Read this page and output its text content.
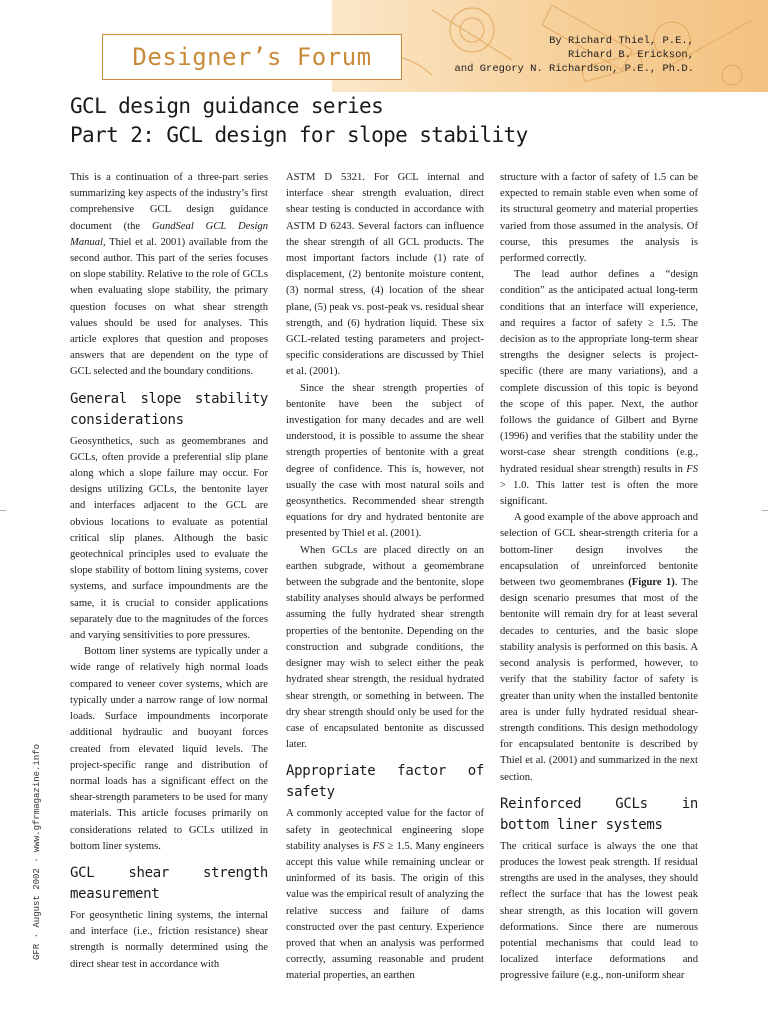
Designer’s Forum
By Richard Thiel, P.E.,
Richard B. Erickson,
and Gregory N. Richardson, P.E., Ph.D.
GCL design guidance series
Part 2: GCL design for slope stability

This is a continuation of a three-part series summarizing key aspects of the industry’s first comprehensive GCL design guidance document (the GundSeal GCL Design Manual, Thiel et al. 2001) available from the second author. This part of the series focuses on slope stability. Relative to the role of GCLs when evaluating slope stability, the primary question focuses on what shear strength values should be used for analyses. This article explores that question and proposes answers that are dependent on the type of GCL selected and the boundary conditions.

General slope stability considerations

Geosynthetics, such as geomembranes and GCLs, often provide a preferential slip plane along which a slope failure may occur. For designs utilizing GCLs, the bentonite layer and interfaces adjacent to the GCL are obvious locations to evaluate as potential critical slip planes. Although the basic geotechnical principles used to evaluate the slope stability of bottom lining systems, cover systems, and surface impoundments are the same, it is crucial to consider applications separately due to the magnitudes of the forces and varying sensitivities to pore pressures.

Bottom liner systems are typically under a wide range of relatively high normal loads compared to veneer cover systems, which are typically under a narrow range of low normal loads. Surface impoundments incorporate additional hydraulic and buoyant forces created from elevated liquid levels. The project-specific range and distribution of normal loads has a significant effect on the shear-strength parameters to be used for many materials. This article focuses primarily on considerations related to GCLs utilized in bottom liner systems.

GCL shear strength measurement

For geosynthetic lining systems, the internal and interface (i.e., friction resistance) shear strength is normally determined using the direct shear test in accordance with

ASTM D 5321. For GCL internal and interface shear strength evaluation, direct shear testing is conducted in accordance with ASTM D 6243. Several factors can influence the shear strength of all GCL products. The most important factors include (1) rate of displacement, (2) bentonite moisture content, (3) normal stress, (4) location of the shear plane, (5) peak vs. post-peak vs. residual shear strength, and (6) hydration liquid. These six GCL-related testing parameters and project-specific considerations are discussed by Thiel et al. (2001).

Since the shear strength properties of bentonite have been the subject of investigation for many decades and are well understood, it is possible to assume the shear strength properties of bentonite with a great degree of confidence. This is, however, not usually the case with most natural soils and geosynthetics. Recommended shear strength equations for dry and hydrated bentonite are presented by Thiel et al. (2001).

When GCLs are placed directly on an earthen subgrade, without a geomembrane between the subgrade and the bentonite, slope stability analyses should always be performed assuming the fully hydrated shear strength properties of the bentonite. Depending on the construction and subgrade conditions, the designer may wish to select either the peak hydrated shear strength, the residual hydrated shear strength, or something in between. The dry shear strength should only be used for the case of encapsulated bentonite as discussed later.

Appropriate factor of safety

A commonly accepted value for the factor of safety in geotechnical engineering slope stability analyses is FS ≥ 1.5. Many engineers accept this value while remaining unclear or uninformed of its basis. The origin of this value was the empirical result of analyzing the relative success and failure of dams constructed over the past century. Experience proved that when an analysis was performed correctly, assuming reasonable and prudent material properties, an earthen

structure with a factor of safety of 1.5 can be expected to remain stable even when some of its structural geometry and material properties varied from those assumed in the analysis. Of course, this presumes the analysis is performed correctly.

The lead author defines a “design condition” as the anticipated actual long-term conditions that an interface will experience, and requires a factor of safety ≥ 1.5. The decision as to the appropriate long-term shear strengths the designer selects is project-specific (there are many variations), and a complete discussion of this topic is beyond the scope of this paper. Next, the author follows the guidance of Gilbert and Byrne (1996) and verifies that the stability under the worst-case shear strength conditions (e.g., hydrated residual shear strength) results in FS > 1.0. This latter test is often the more significant.

A good example of the above approach and selection of GCL shear-strength criteria for a bottom-liner design involves the encapsulation of unreinforced bentonite between two geomembranes (Figure 1). The design scenario presumes that most of the bentonite will remain dry for at least several decades to centuries, and the basic slope stability analysis is performed on this basis. A second analysis is performed, however, to verify that the stability factor of safety is greater than unity when the installed bentonite area is under fully hydrated residual shear- strength conditions. This design methodology for encapsulated bentonite is described by Thiel et al. (2001) and summarized in the next section.

Reinforced GCLs in bottom liner systems

The critical surface is always the one that produces the lowest peak strength. If residual strengths are used in the analyses, they should reflect the surface that has the lowest peak shear strength, as this location will govern deformations. Since there are numerous potential mechanisms that could lead to localized interface deformations and progressive failure (e.g., non-uniform shear

GFR · August 2002 · www.gfrmagazine.info
